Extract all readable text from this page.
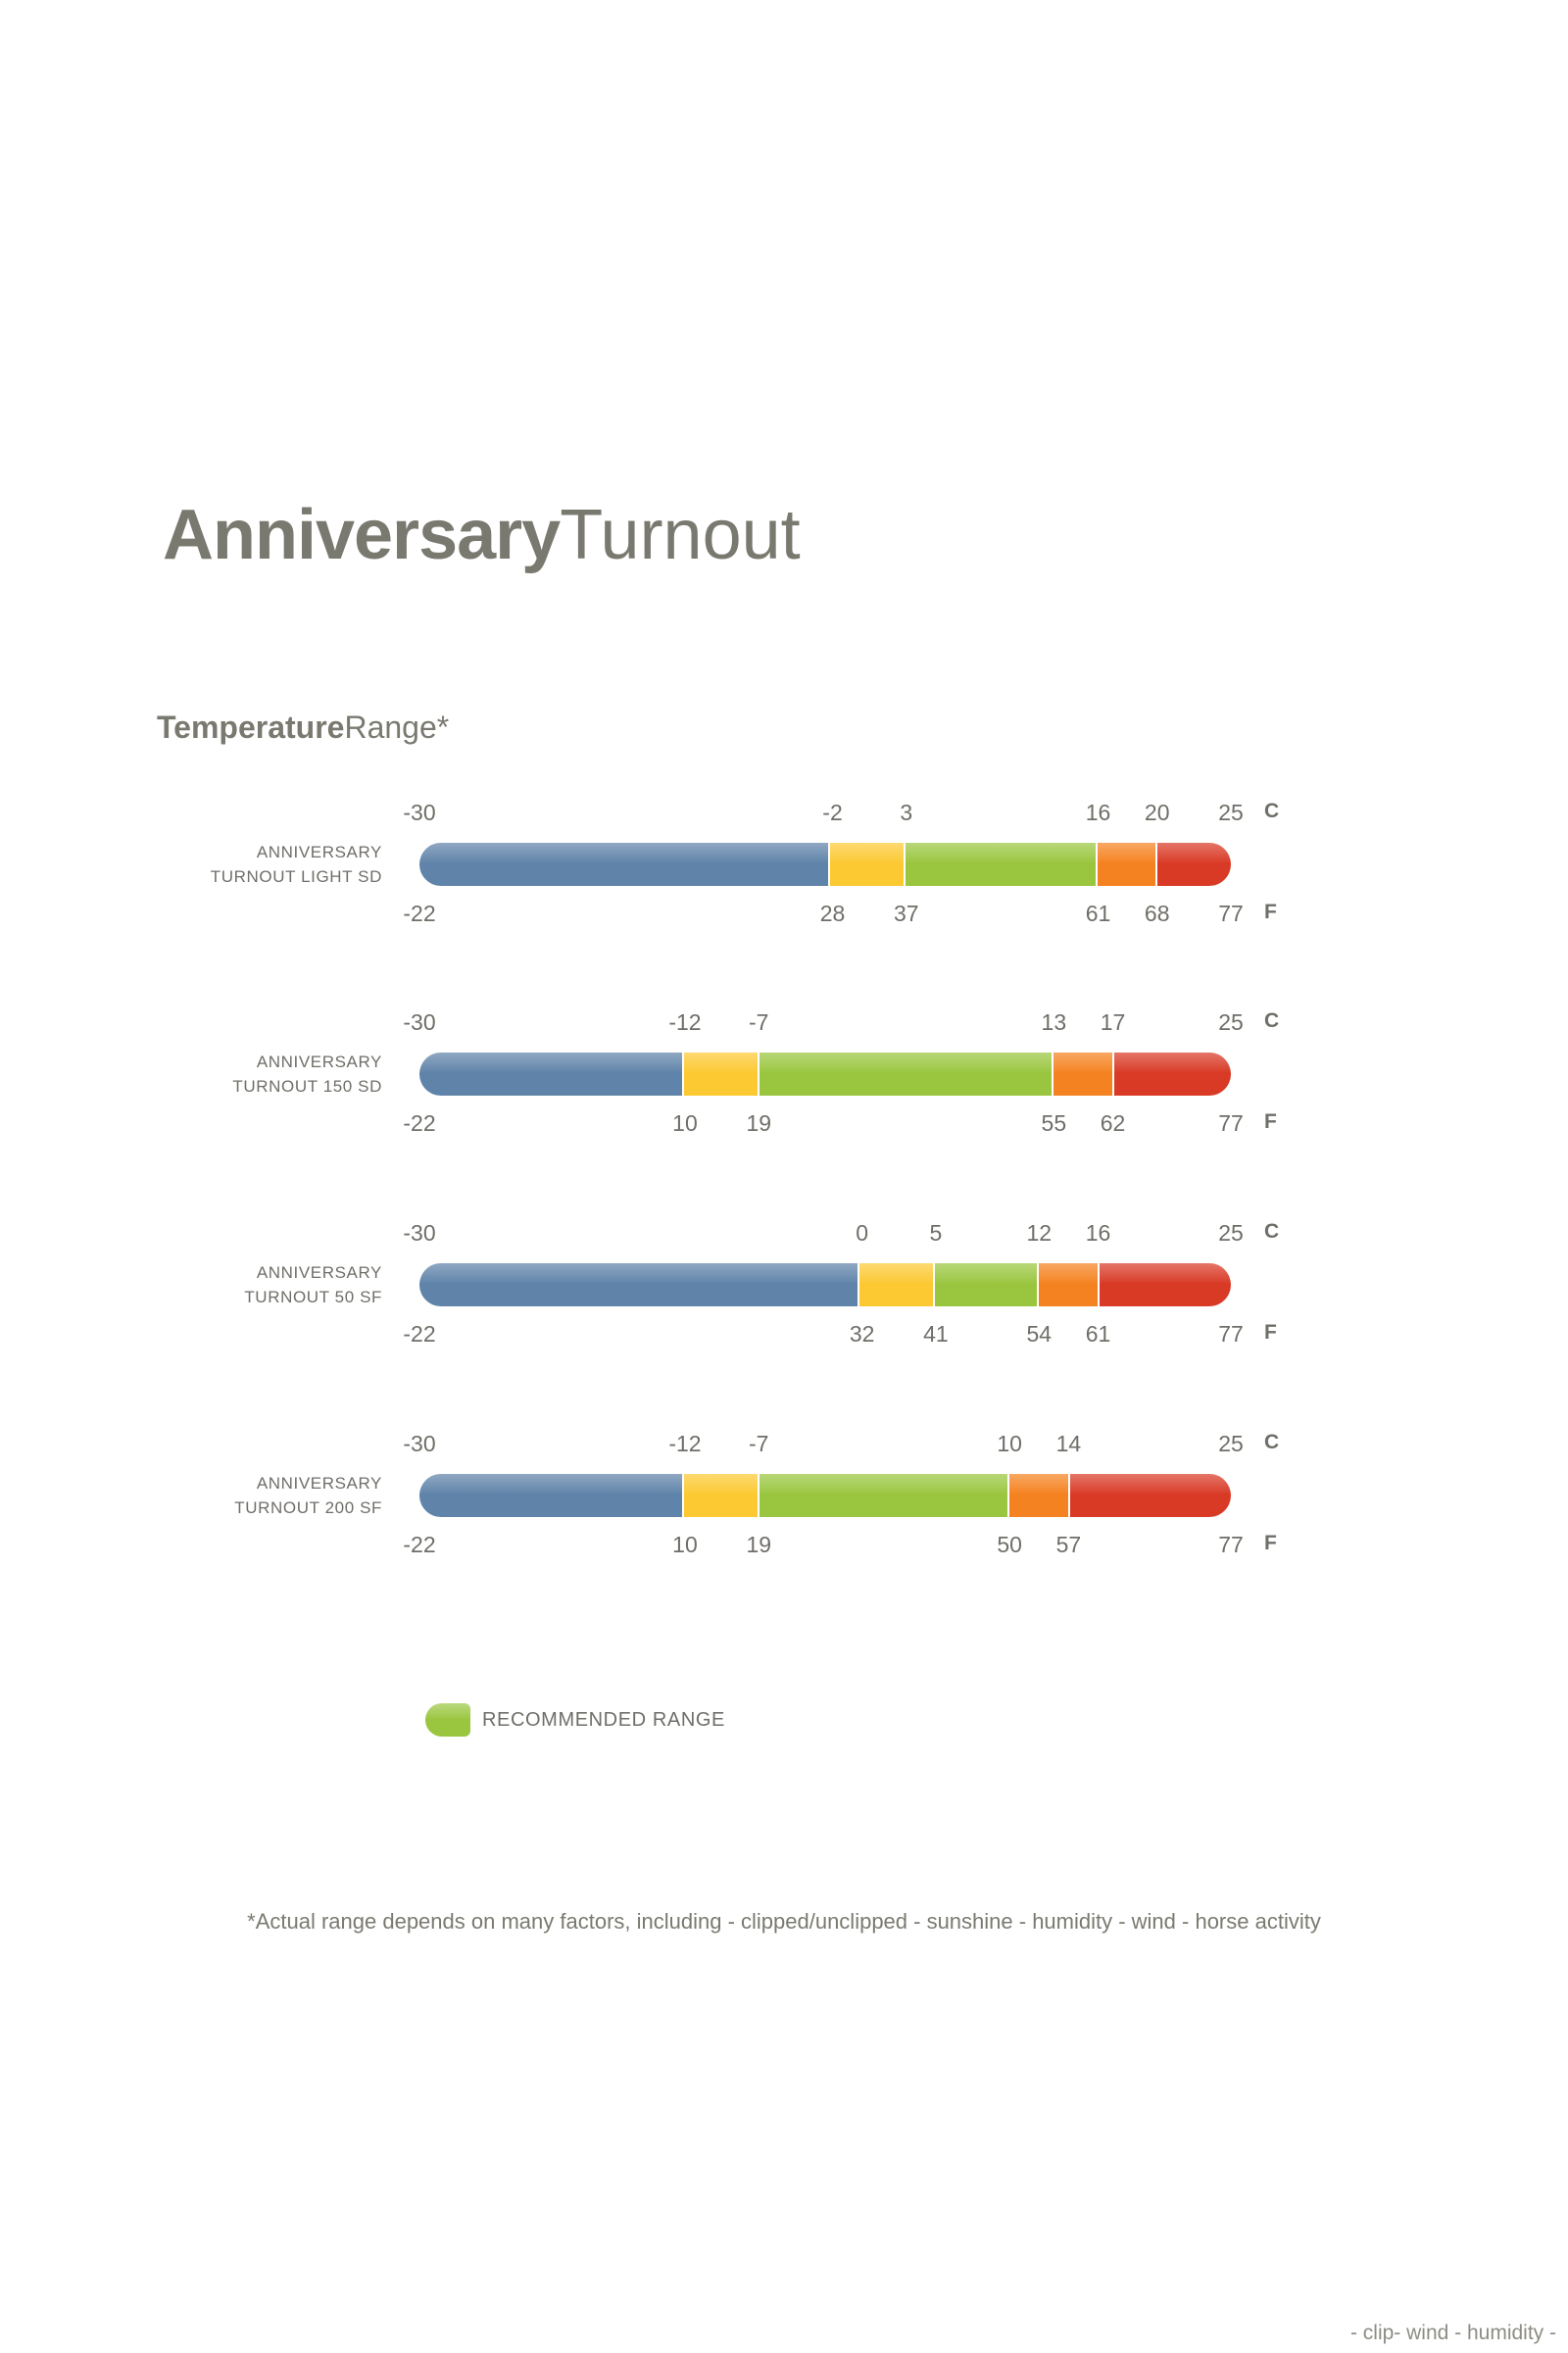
AnniversaryTurnout
TemperatureRange*
ANNIVERSARY
TURNOUT LIGHT SD
-30	-2	3	16 20 25
-22	28 37	61 68 77
C
F
ANNIVERSARY
TURNOUT 150 SD
-30	-12 -7	13 17	25
-22	10 19	55 62	77
C
F
ANNIVERSARY
TURNOUT 50 SF
-30	0	5	12 16	25
-22	32 41	54 61	77
C
F
ANNIVERSARY
TURNOUT 200 SF
-30	-12 -7	10 14	25
-22	10 19	50 57	77
C
F
RECOMMENDED RANGE
*Actual range depends on many factors, including - clipped/unclipped - sunshine - humidity - wind - horse activity
- clip- wind - humidity -
